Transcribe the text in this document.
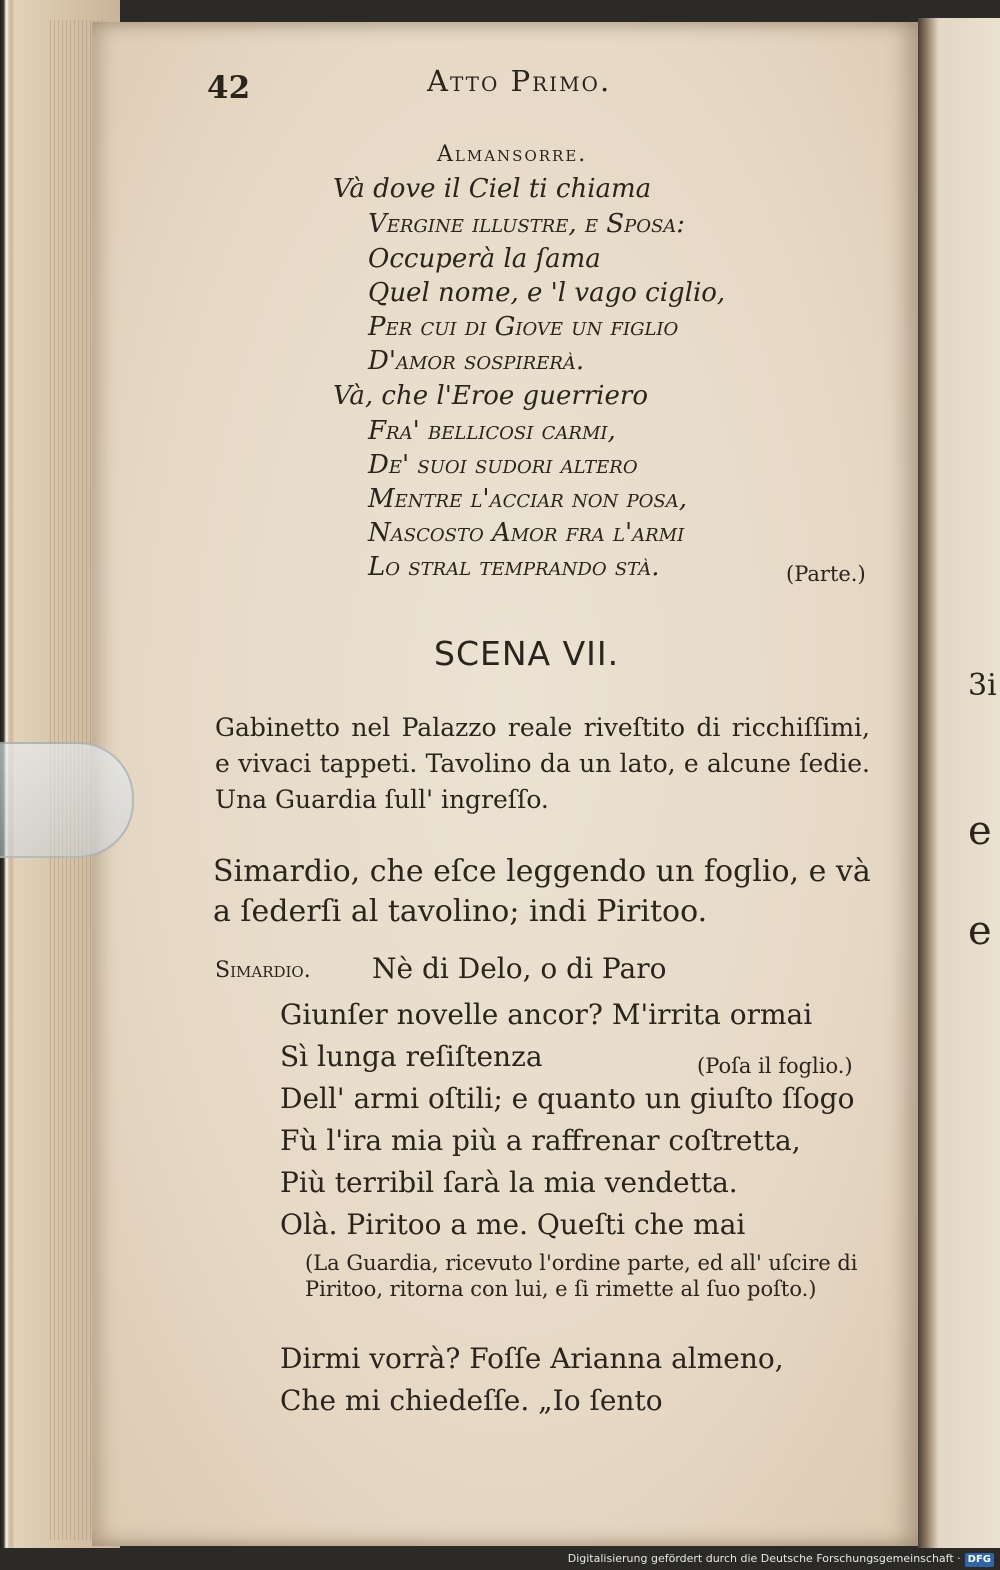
3i
e
e
42	Atto Primo.
Almansorre.
Và dove il Ciel ti chiama
Vergine illustre, e Sposa:
Occuperà la ſama
Quel nome, e 'l vago ciglio,
Per cui di Giove un figlio
D'amor sospirerà.
Và, che l'Eroe guerriero
Fra' bellicosi carmi,
De' suoi sudori altero
Mentre l'acciar non posa,
Nascosto Amor fra l'armi
Lo stral temprando stà.	(Parte.)
SCENA VII.
Gabinetto nel Palazzo reale riveſtito di ricchiſſimi, e vivaci tappeti. Tavolino da un lato, e alcune ſedie. Una Guardia ſull' ingreſſo.
Simardio, che eſce leggendo un foglio, e và a ſederſi al tavolino; indi Piritoo.
Simardio. Nè di Delo, o di Paro
Giunſer novelle ancor? M'irrita ormai
Sì lunga reſiſtenza	(Poſa il foglio.)
Dell' armi oſtili; e quanto un giuſto ſſogo
Fù l'ira mia più a raffrenar coſtretta,
Più terribil ſarà la mia vendetta.
Olà. Piritoo a me. Queſti che mai
(La Guardia, ricevuto l'ordine parte, ed all' uſcire di Piritoo, ritorna con lui, e ſi rimette al ſuo poſto.)
Dirmi vorrà? Foſſe Arianna almeno,
Che mi chiedeſſe. „Io ſento
Digitalisierung gefördert durch die Deutsche Forschungsgemeinschaft · DFG
